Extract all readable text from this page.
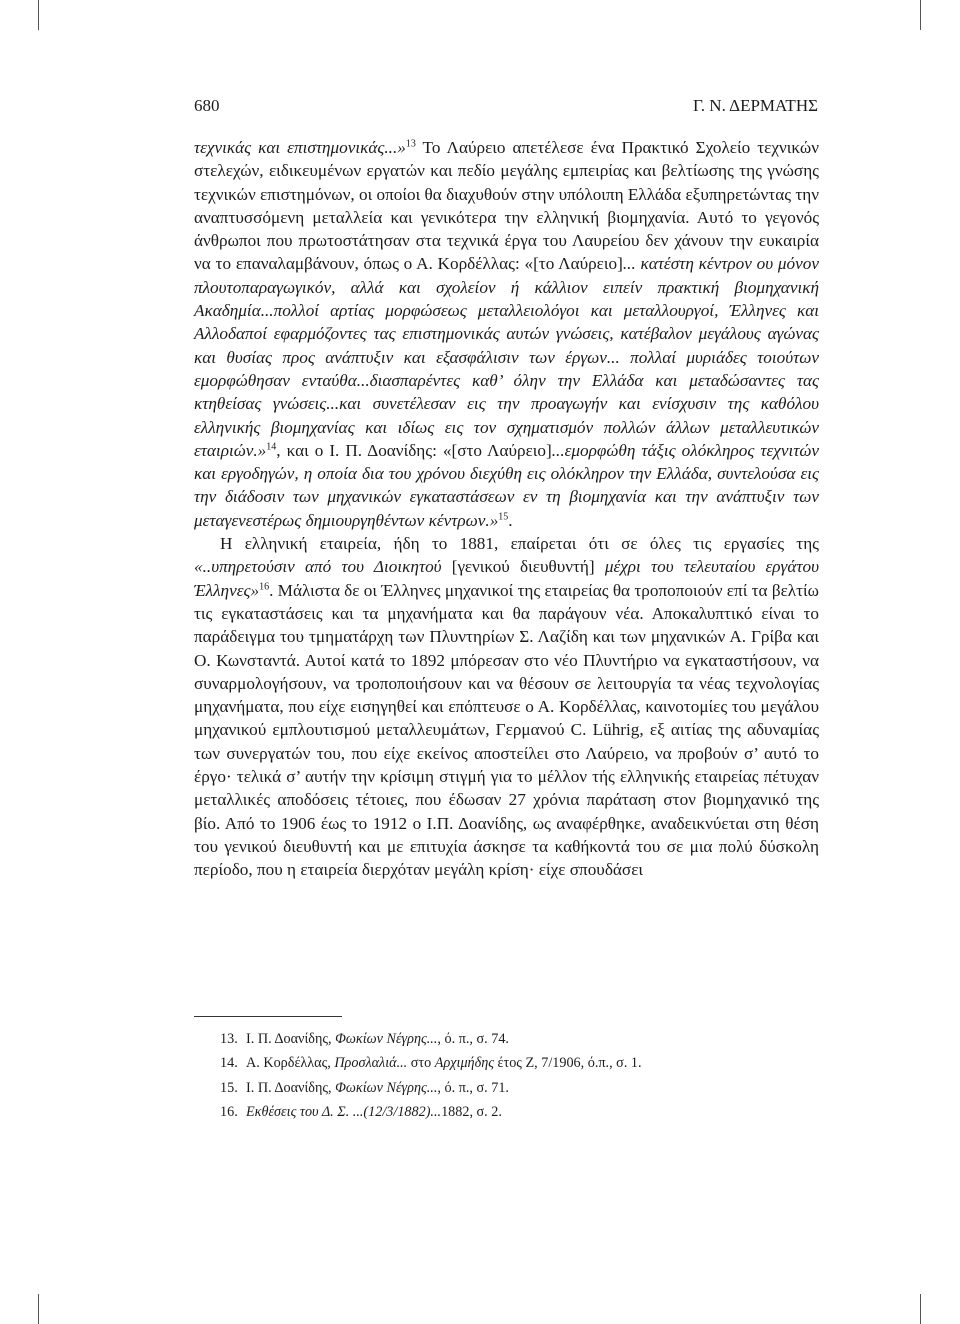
680	Γ. Ν. ΔΕΡΜΑΤΗΣ

τεχνικάς και επιστημονικάς...»$^{13}$ Το Λαύρειο απετέλεσε ένα Πρακτικό Σχολείο τεχνικών στελεχών, ειδικευμένων εργατών και πεδίο μεγάλης εμπειρίας και βελτίωσης της γνώσης τεχνικών επιστημόνων, οι οποίοι θα διαχυθούν στην υπόλοιπη Ελλάδα εξυπηρετώντας την αναπτυσσόμενη μεταλλεία και γενικότερα την ελληνική βιομηχανία. Αυτό το γεγονός άνθρωποι που πρωτοστάτησαν στα τεχνικά έργα του Λαυρείου δεν χάνουν την ευκαιρία να το επαναλαμβάνουν, όπως ο Α. Κορδέλλας: «[το Λαύρειο]... κατέστη κέντρον ου μόνον πλουτοπαραγωγικόν, αλλά και σχολείον ή κάλλιον ειπείν πρακτική βιομηχανική Ακαδημία...πολλοί αρτίας μορφώσεως μεταλλειολόγοι και μεταλλουργοί, Έλληνες και Αλλοδαποί εφαρμόζοντες τας επιστημονικάς αυτών γνώσεις, κατέβαλον μεγάλους αγώνας και θυσίας προς ανάπτυξιν και εξασφάλισιν των έργων... πολλαί μυριάδες τοιούτων εμορφώθησαν ενταύθα...διασπαρέντες καθ’ όλην την Ελλάδα και μεταδώσαντες τας κτηθείσας γνώσεις...και συνετέλεσαν εις την προαγωγήν και ενίσχυσιν της καθόλου ελληνικής βιομηχανίας και ιδίως εις τον σχηματισμόν πολλών άλλων μεταλλευτικών εταιριών.»$^{14}$, και ο Ι. Π. Δοανίδης: «[στο Λαύρειο]...εμορφώθη τάξις ολόκληρος τεχνιτών και εργοδηγών, η οποία δια του χρόνου διεχύθη εις ολόκληρον την Ελλάδα, συντελούσα εις την διάδοσιν των μηχανικών εγκαταστάσεων εν τη βιομηχανία και την ανάπτυξιν των μεταγενεστέρως δημιουργηθέντων κέντρων.»$^{15}$.

Η ελληνική εταιρεία, ήδη το 1881, επαίρεται ότι σε όλες τις εργασίες της «..υπηρετούσιν από του Διοικητού [γενικού διευθυντή] μέχρι του τελευταίου εργάτου Έλληνες»$^{16}$. Μάλιστα δε οι Έλληνες μηχανικοί της εταιρείας θα τροποποιούν επί τα βελτίω τις εγκαταστάσεις και τα μηχανήματα και θα παράγουν νέα. Αποκαλυπτικό είναι το παράδειγμα του τμηματάρχη των Πλυντηρίων Σ. Λαζίδη και των μηχανικών Α. Γρίβα και Ο. Κωνσταντά. Αυτοί κατά το 1892 μπόρεσαν στο νέο Πλυντήριο να εγκαταστήσουν, να συναρμολογήσουν, να τροποποιήσουν και να θέσουν σε λειτουργία τα νέας τεχνολογίας μηχανήματα, που είχε εισηγηθεί και επόπτευσε ο Α. Κορδέλλας, καινοτομίες του μεγάλου μηχανικού εμπλουτισμού μεταλλευμάτων, Γερμανού C. Lührig, εξ αιτίας της αδυναμίας των συνεργατών του, που είχε εκείνος αποστείλει στο Λαύρειο, να προβούν σ’ αυτό το έργο· τελικά σ’ αυτήν την κρίσιμη στιγμή για το μέλλον τής ελληνικής εταιρείας πέτυχαν μεταλλικές αποδόσεις τέτοιες, που έδωσαν 27 χρόνια παράταση στον βιομηχανικό της βίο. Από το 1906 έως το 1912 ο Ι.Π. Δοανίδης, ως αναφέρθηκε, αναδεικνύεται στη θέση του γενικού διευθυντή και με επιτυχία άσκησε τα καθήκοντά του σε μια πολύ δύσκολη περίοδο, που η εταιρεία διερχόταν μεγάλη κρίση· είχε σπουδάσει

13. Ι. Π. Δοανίδης, Φωκίων Νέγρης..., ό. π., σ. 74.
14. Α. Κορδέλλας, Προσλαλιά... στο Αρχιμήδης έτος Ζ, 7/1906, ό.π., σ. 1.
15. Ι. Π. Δοανίδης, Φωκίων Νέγρης..., ό. π., σ. 71.
16. Εκθέσεις του Δ. Σ. ...(12/3/1882)...1882, σ. 2.
